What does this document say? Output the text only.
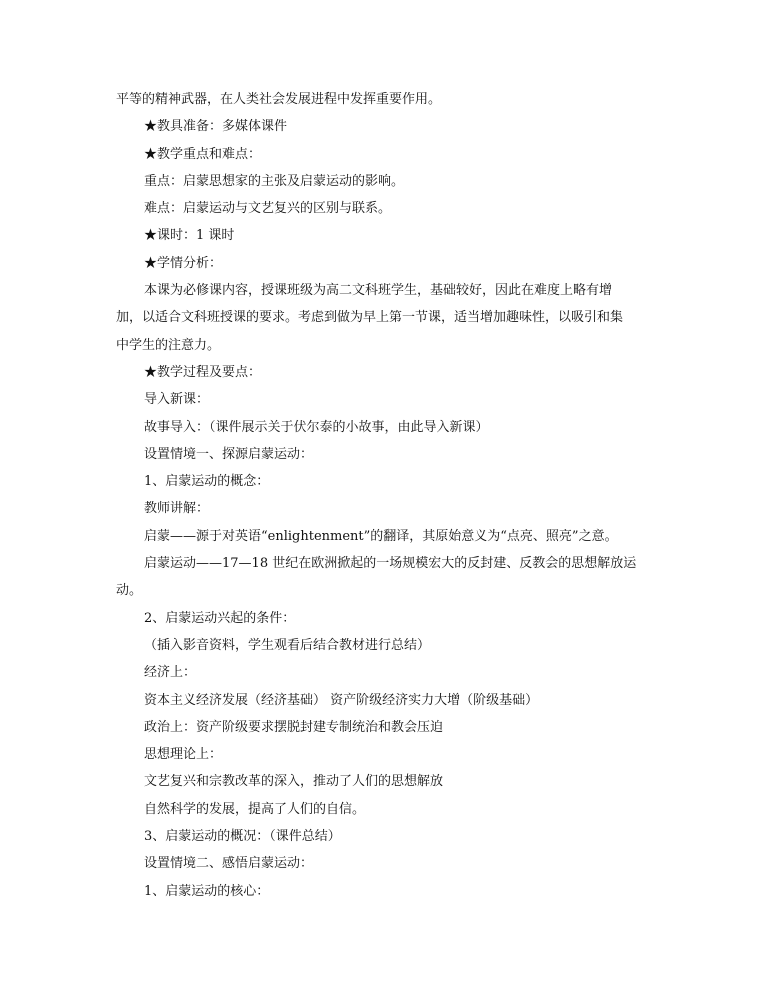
平等的精神武器，在人类社会发展进程中发挥重要作用。
★教具准备：多媒体课件
★教学重点和难点：
重点：启蒙思想家的主张及启蒙运动的影响。
难点：启蒙运动与文艺复兴的区别与联系。
★课时：1 课时
★学情分析：
本课为必修课内容，授课班级为高二文科班学生，基础较好，因此在难度上略有增
加，以适合文科班授课的要求。考虑到做为早上第一节课，适当增加趣味性，以吸引和集
中学生的注意力。
★教学过程及要点：
导入新课：
故事导入：（课件展示关于伏尔泰的小故事，由此导入新课）
设置情境一、探源启蒙运动：
1、启蒙运动的概念：
教师讲解：
启蒙——源于对英语“enlightenment”的翻译，其原始意义为“点亮、照亮”之意。
启蒙运动——17—18 世纪在欧洲掀起的一场规模宏大的反封建、反教会的思想解放运
动。
2、启蒙运动兴起的条件：
（插入影音资料，学生观看后结合教材进行总结）
经济上：
资本主义经济发展（经济基础） 资产阶级经济实力大增（阶级基础）
政治上：资产阶级要求摆脱封建专制统治和教会压迫
思想理论上：
文艺复兴和宗教改革的深入，推动了人们的思想解放
自然科学的发展，提高了人们的自信。
3、启蒙运动的概况：（课件总结）
设置情境二、感悟启蒙运动：
1、启蒙运动的核心：
